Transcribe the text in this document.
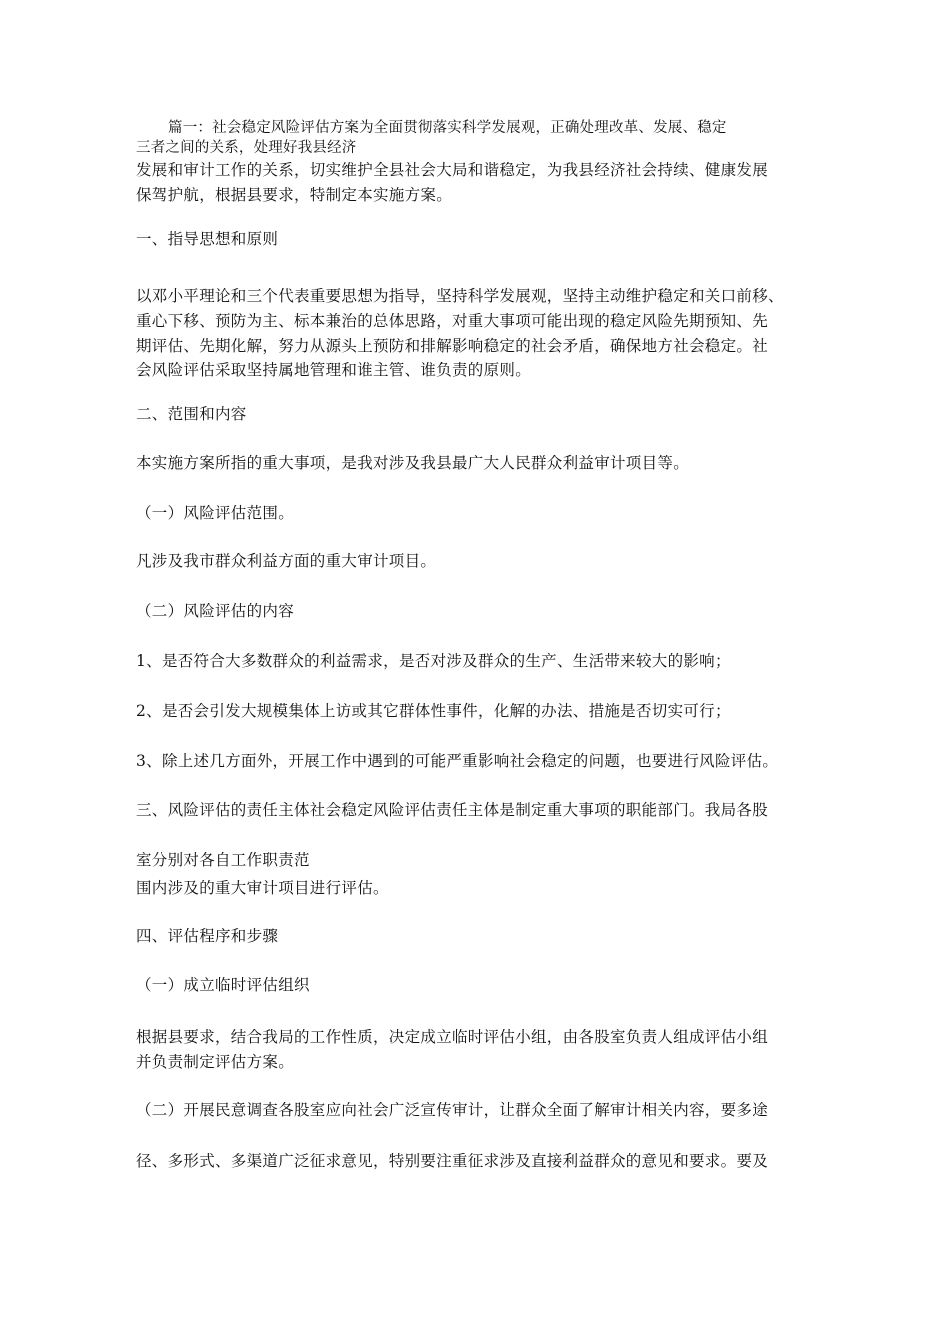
篇一：社会稳定风险评估方案为全面贯彻落实科学发展观，正确处理改革、发展、稳定
三者之间的关系，处理好我县经济
发展和审计工作的关系，切实维护全县社会大局和谐稳定，为我县经济社会持续、健康发展
保驾护航，根据县要求，特制定本实施方案。
一、指导思想和原则
以邓小平理论和三个代表重要思想为指导，坚持科学发展观，坚持主动维护稳定和关口前移、
重心下移、预防为主、标本兼治的总体思路，对重大事项可能出现的稳定风险先期预知、先
期评估、先期化解，努力从源头上预防和排解影响稳定的社会矛盾，确保地方社会稳定。社
会风险评估采取坚持属地管理和谁主管、谁负责的原则。
二、范围和内容
本实施方案所指的重大事项，是我对涉及我县最广大人民群众利益审计项目等。
（一）风险评估范围。
凡涉及我市群众利益方面的重大审计项目。
（二）风险评估的内容
1、是否符合大多数群众的利益需求，是否对涉及群众的生产、生活带来较大的影响；
2、是否会引发大规模集体上访或其它群体性事件，化解的办法、措施是否切实可行；
3、除上述几方面外，开展工作中遇到的可能严重影响社会稳定的问题，也要进行风险评估。
三、风险评估的责任主体社会稳定风险评估责任主体是制定重大事项的职能部门。我局各股
室分别对各自工作职责范
围内涉及的重大审计项目进行评估。
四、评估程序和步骤
（一）成立临时评估组织
根据县要求，结合我局的工作性质，决定成立临时评估小组，由各股室负责人组成评估小组
并负责制定评估方案。
（二）开展民意调查各股室应向社会广泛宣传审计，让群众全面了解审计相关内容，要多途
径、多形式、多渠道广泛征求意见，特别要注重征求涉及直接利益群众的意见和要求。要及
